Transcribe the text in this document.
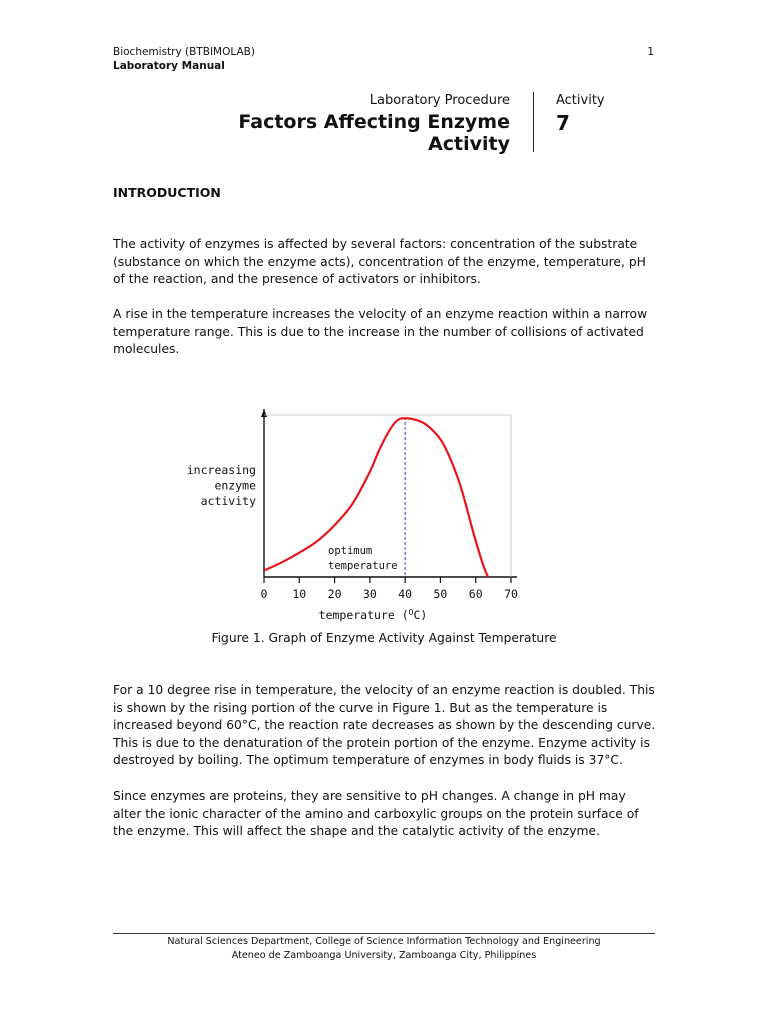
Biochemistry (BTBIMOLAB)
Laboratory Manual
1
Laboratory Procedure
Factors Affecting Enzyme Activity
Activity
7
INTRODUCTION

The activity of enzymes is affected by several factors: concentration of the substrate (substance on which the enzyme acts), concentration of the enzyme, temperature, pH of the reaction, and the presence of activators or inhibitors.

A rise in the temperature increases the velocity of an enzyme reaction within a narrow temperature range. This is due to the increase in the number of collisions of activated molecules.

increasing
enzyme
activity
optimum
temperature
0 10 20 30 40 50 60 70
temperature ($^O$C)
Figure 1. Graph of Enzyme Activity Against Temperature

For a 10 degree rise in temperature, the velocity of an enzyme reaction is doubled. This is shown by the rising portion of the curve in Figure 1. But as the temperature is increased beyond 60°C, the reaction rate decreases as shown by the descending curve. This is due to the denaturation of the protein portion of the enzyme. Enzyme activity is destroyed by boiling. The optimum temperature of enzymes in body fluids is 37°C.

Since enzymes are proteins, they are sensitive to pH changes. A change in pH may alter the ionic character of the amino and carboxylic groups on the protein surface of the enzyme. This will affect the shape and the catalytic activity of the enzyme.

Natural Sciences Department, College of Science Information Technology and Engineering
Ateneo de Zamboanga University, Zamboanga City, Philippines
